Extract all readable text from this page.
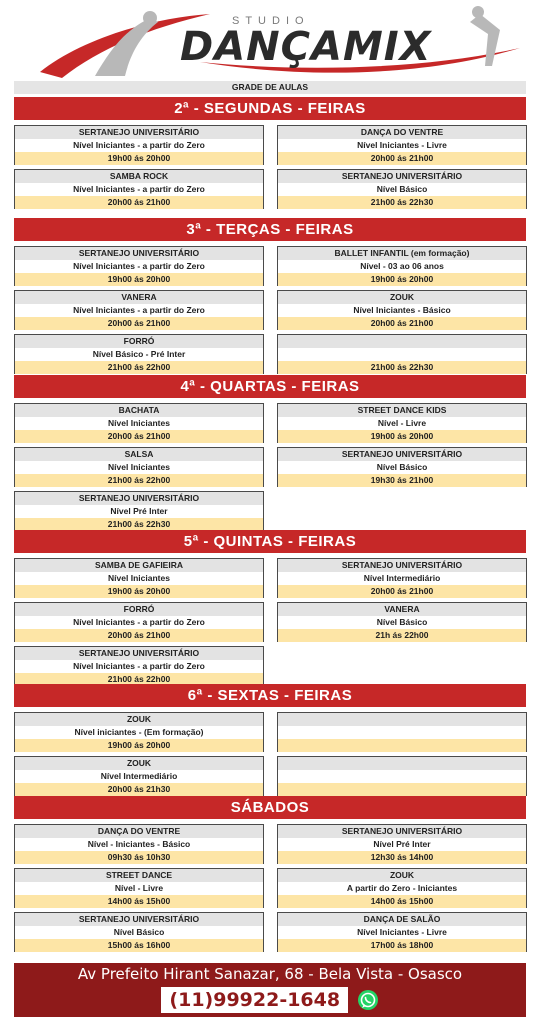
STUDIO
DANÇAMIX
GRADE DE AULAS
2ª - SEGUNDAS - FEIRAS
SERTANEJO UNIVERSITÁRIO
Nível Iniciantes - a partir do Zero
19h00 ás 20h00
SAMBA ROCK
Nível Iniciantes - a partir do Zero
20h00 ás 21h00
DANÇA DO VENTRE
Nível Iniciantes - Livre
20h00 ás 21h00
SERTANEJO UNIVERSITÁRIO
Nível Básico
21h00 ás 22h30
3ª - TERÇAS - FEIRAS
SERTANEJO UNIVERSITÁRIO
Nível Iniciantes - a partir do Zero
19h00 ás 20h00
VANERA
Nível Iniciantes - a partir do Zero
20h00 ás 21h00
FORRÓ
Nível Básico - Pré Inter
21h00 ás 22h00
BALLET INFANTIL (em formação)
Nível - 03 ao 06 anos
19h00 ás 20h00
ZOUK
Nível Iniciantes - Básico
20h00 ás 21h00
21h00 ás 22h30
4ª - QUARTAS - FEIRAS
BACHATA
Nível Iniciantes
20h00 ás 21h00
SALSA
Nível Iniciantes
21h00 ás 22h00
SERTANEJO UNIVERSITÁRIO
Nível Pré Inter
21h00 ás 22h30
STREET DANCE KIDS
Nível - Livre
19h00 ás 20h00
SERTANEJO UNIVERSITÁRIO
Nível Básico
19h30 ás 21h00
5ª - QUINTAS - FEIRAS
SAMBA DE GAFIEIRA
Nível Iniciantes
19h00 ás 20h00
FORRÓ
Nível Iniciantes - a partir do Zero
20h00 ás 21h00
SERTANEJO UNIVERSITÁRIO
Nível Iniciantes - a partir do Zero
21h00 ás 22h00
SERTANEJO UNIVERSITÁRIO
Nível Intermediário
20h00 ás 21h00
VANERA
Nível Básico
21h ás 22h00
6ª - SEXTAS - FEIRAS
ZOUK
Nível iniciantes - (Em formação)
19h00 ás 20h00
ZOUK
Nível Intermediário
20h00 ás 21h30
SÁBADOS
DANÇA DO VENTRE
Nível - Iniciantes - Básico
09h30 ás 10h30
STREET DANCE
Nível - Livre
14h00 ás 15h00
SERTANEJO UNIVERSITÁRIO
Nível Básico
15h00 ás 16h00
SERTANEJO UNIVERSITÁRIO
Nível Pré Inter
12h30 ás 14h00
ZOUK
A partir do Zero - Iniciantes
14h00 ás 15h00
DANÇA DE SALÃO
Nível Iniciantes - Livre
17h00 ás 18h00
Av Prefeito Hirant Sanazar, 68 - Bela Vista - Osasco
(11)99922-1648
